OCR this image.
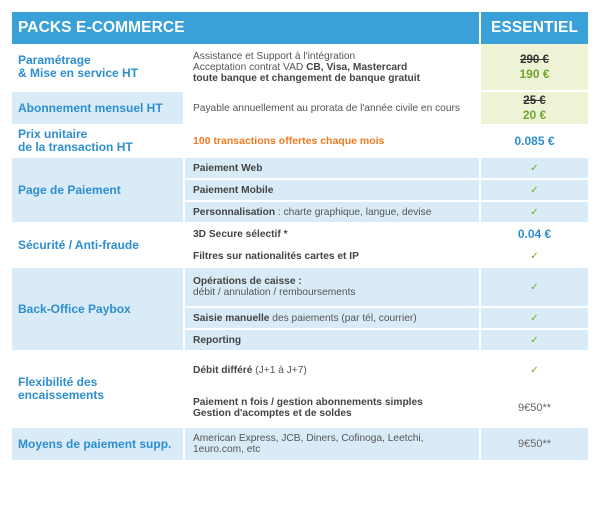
PACKS E-COMMERCE		ESSENTIEL
Paramétrage
& Mise en service HT	Assistance et Support à l'intégration
Acceptation contrat VAD CB, Visa, Mastercard
toute banque et changement de banque gratuit	290 €
190 €

Abonnement mensuel HT	Payable annuellement au prorata de l'année civile en cours	25 €
20 €

Prix unitaire
de la transaction HT	100 transactions offertes chaque mois	0.085 €
Page de Paiement	Paiement Web	✓
	Paiement Mobile	✓
	Personnalisation : charte graphique, langue, devise	✓
Sécurité / Anti-fraude	3D Secure sélectif *	0.04 €
	Filtres sur nationalités cartes et IP	✓
Back-Office Paybox	Opérations de caisse :
débit / annulation / remboursements	✓
	Saisie manuelle des paiements (par tél, courrier)	✓
	Reporting	✓
Flexibilité des
encaissements	Débit différé (J+1 à J+7)	✓
	Paiement n fois / gestion abonnements simples
Gestion d'acomptes et de soldes	9€50**
Moyens de paiement supp.	American Express, JCB, Diners, Cofinoga, Leetchi, 1euro.com, etc	9€50**
